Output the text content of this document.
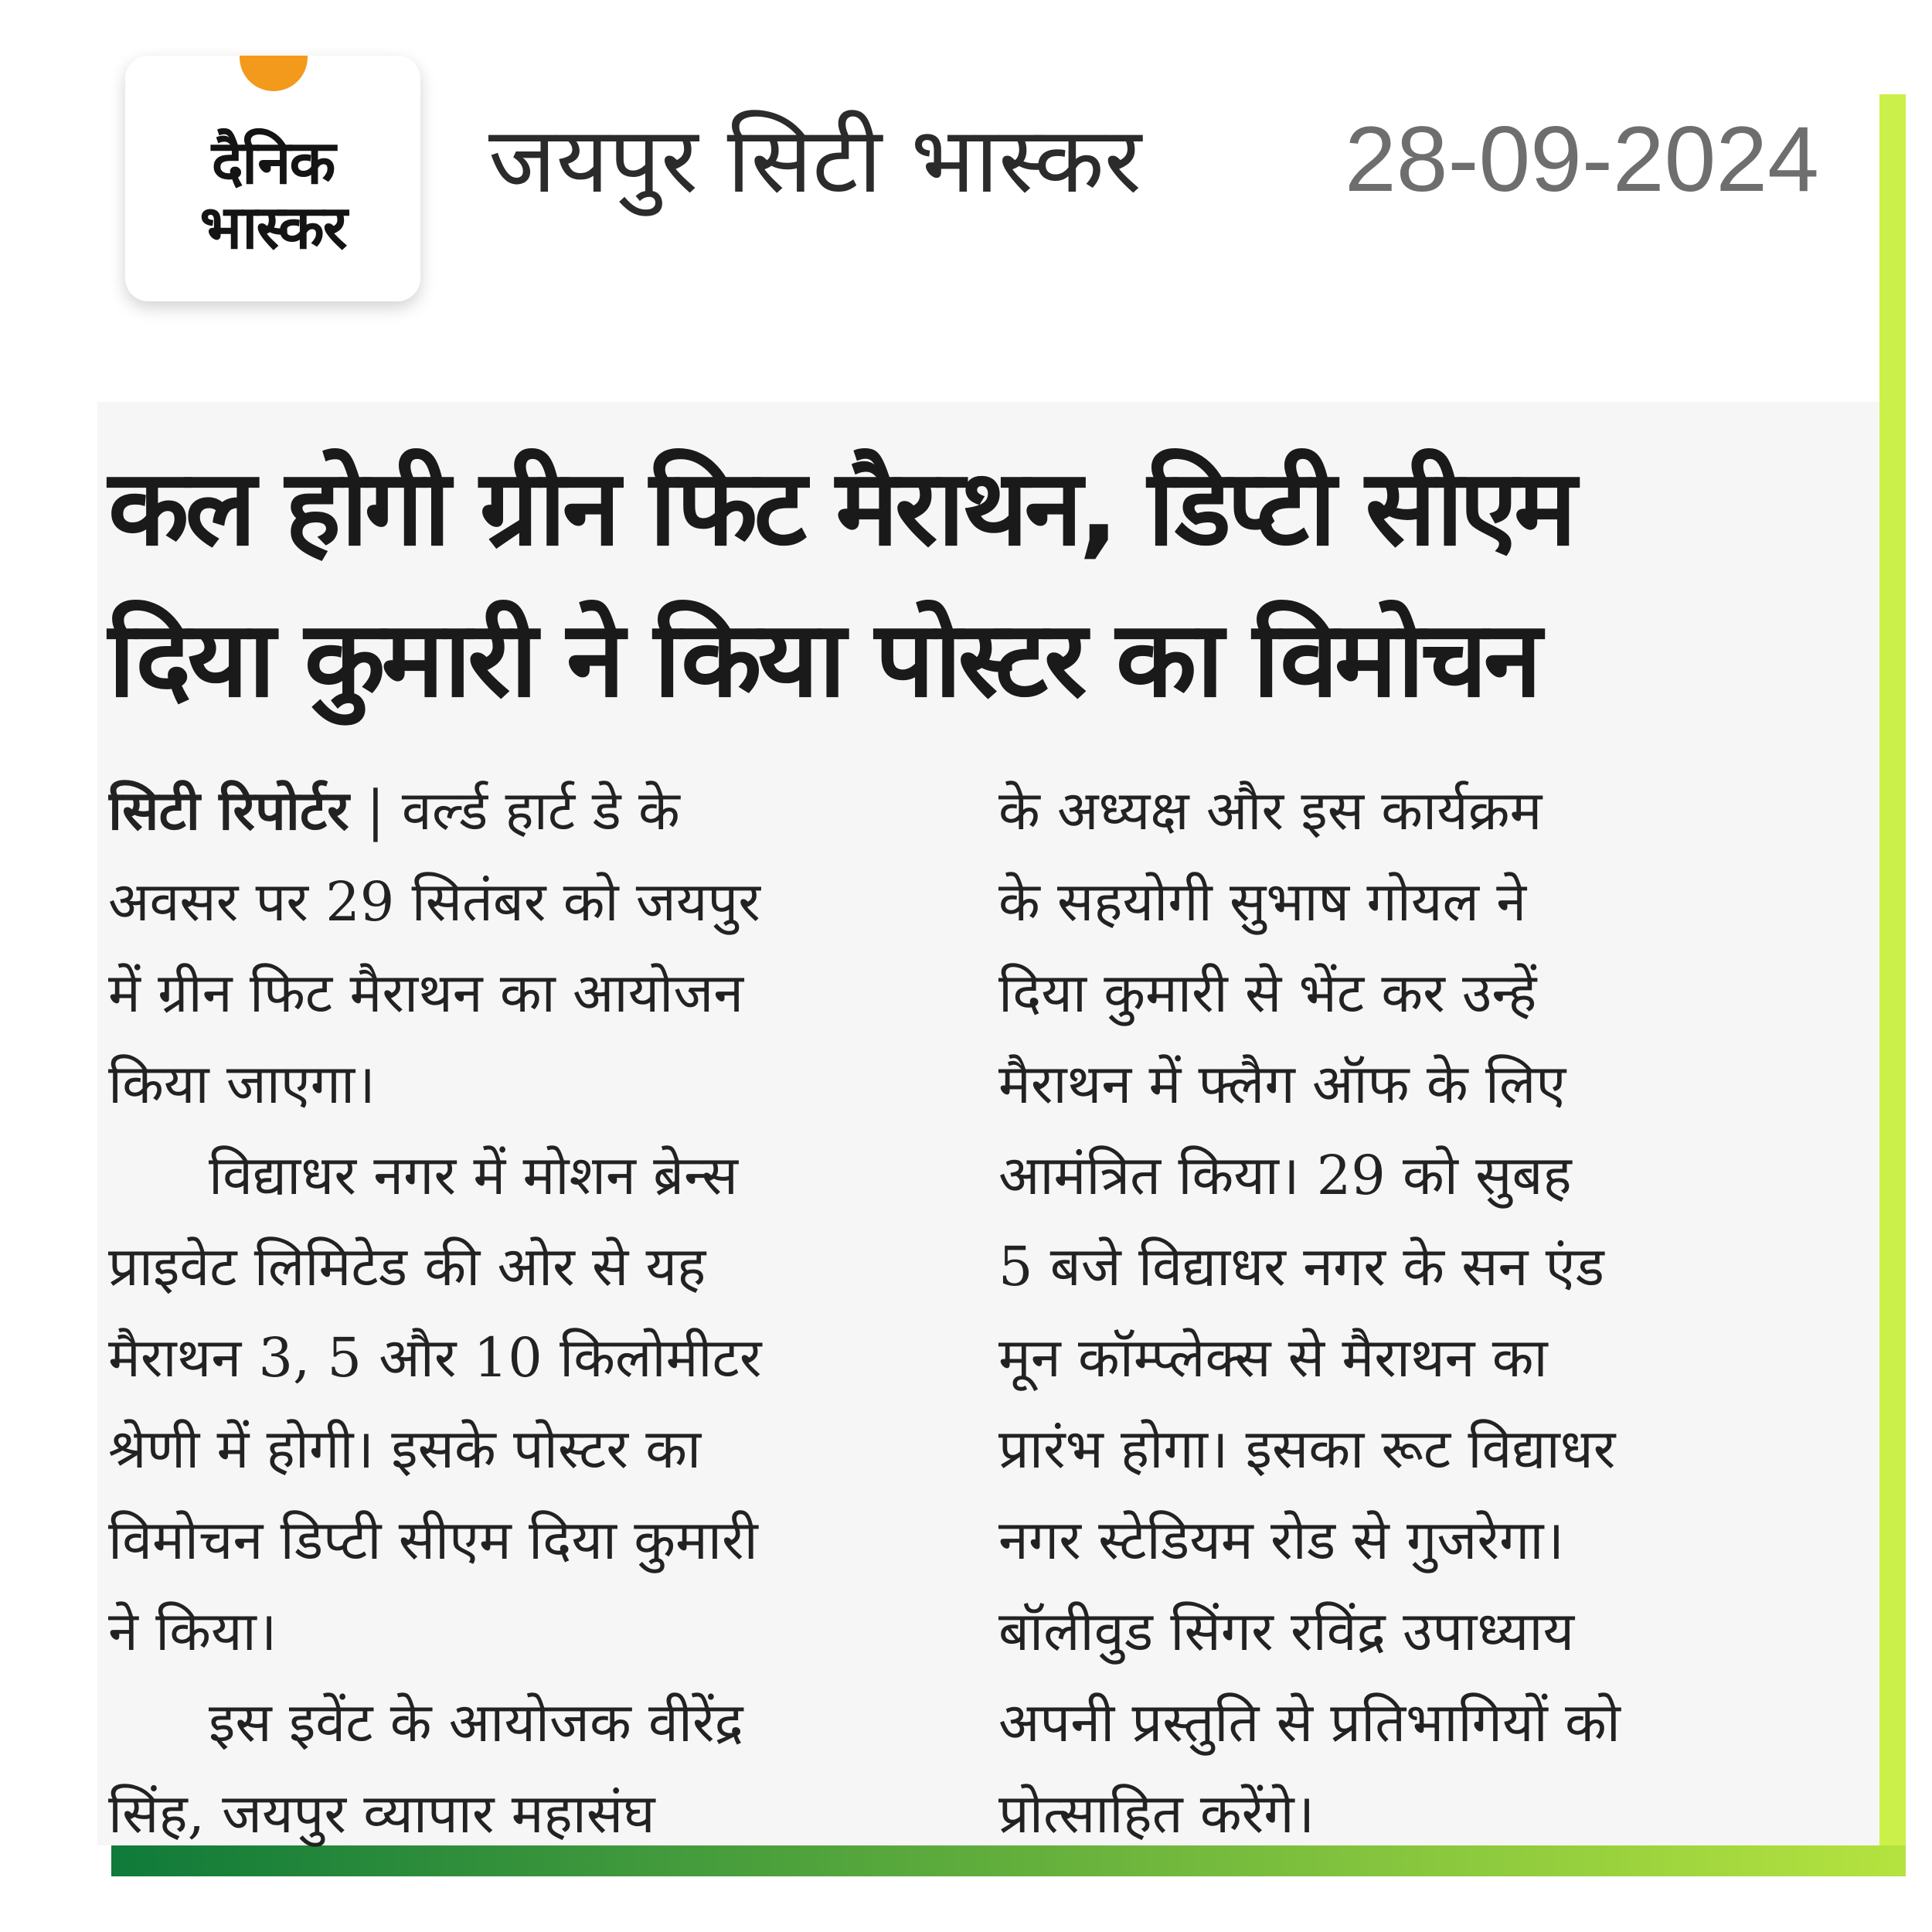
दैनिक
भास्कर
जयपुर सिटी भास्कर 28-09-2024
कल होगी ग्रीन फिट मैराथन, डिप्टी सीएम
दिया कुमारी ने किया पोस्टर का विमोचन
सिटी रिपोर्टर | वर्ल्ड हार्ट डे के
अवसर पर 29 सितंबर को जयपुर
में ग्रीन फिट मैराथन का आयोजन
किया जाएगा।
विद्याधर नगर में मोशन ब्रेन्स
प्राइवेट लिमिटेड की ओर से यह
मैराथन 3, 5 और 10 किलोमीटर
श्रेणी में होगी। इसके पोस्टर का
विमोचन डिप्टी सीएम दिया कुमारी
ने किया।
इस इवेंट के आयोजक वीरेंद्र
सिंह, जयपुर व्यापार महासंघ
के अध्यक्ष और इस कार्यक्रम
के सहयोगी सुभाष गोयल ने
दिया कुमारी से भेंट कर उन्हें
मैराथन में फ्लैग ऑफ के लिए
आमंत्रित किया। 29 को सुबह
5 बजे विद्याधर नगर के सन एंड
मून कॉम्प्लेक्स से मैराथन का
प्रारंभ होगा। इसका रूट विद्याधर
नगर स्टेडियम रोड से गुजरेगा।
बॉलीवुड सिंगर रविंद्र उपाध्याय
अपनी प्रस्तुति से प्रतिभागियों को
प्रोत्साहित करेंगे।
